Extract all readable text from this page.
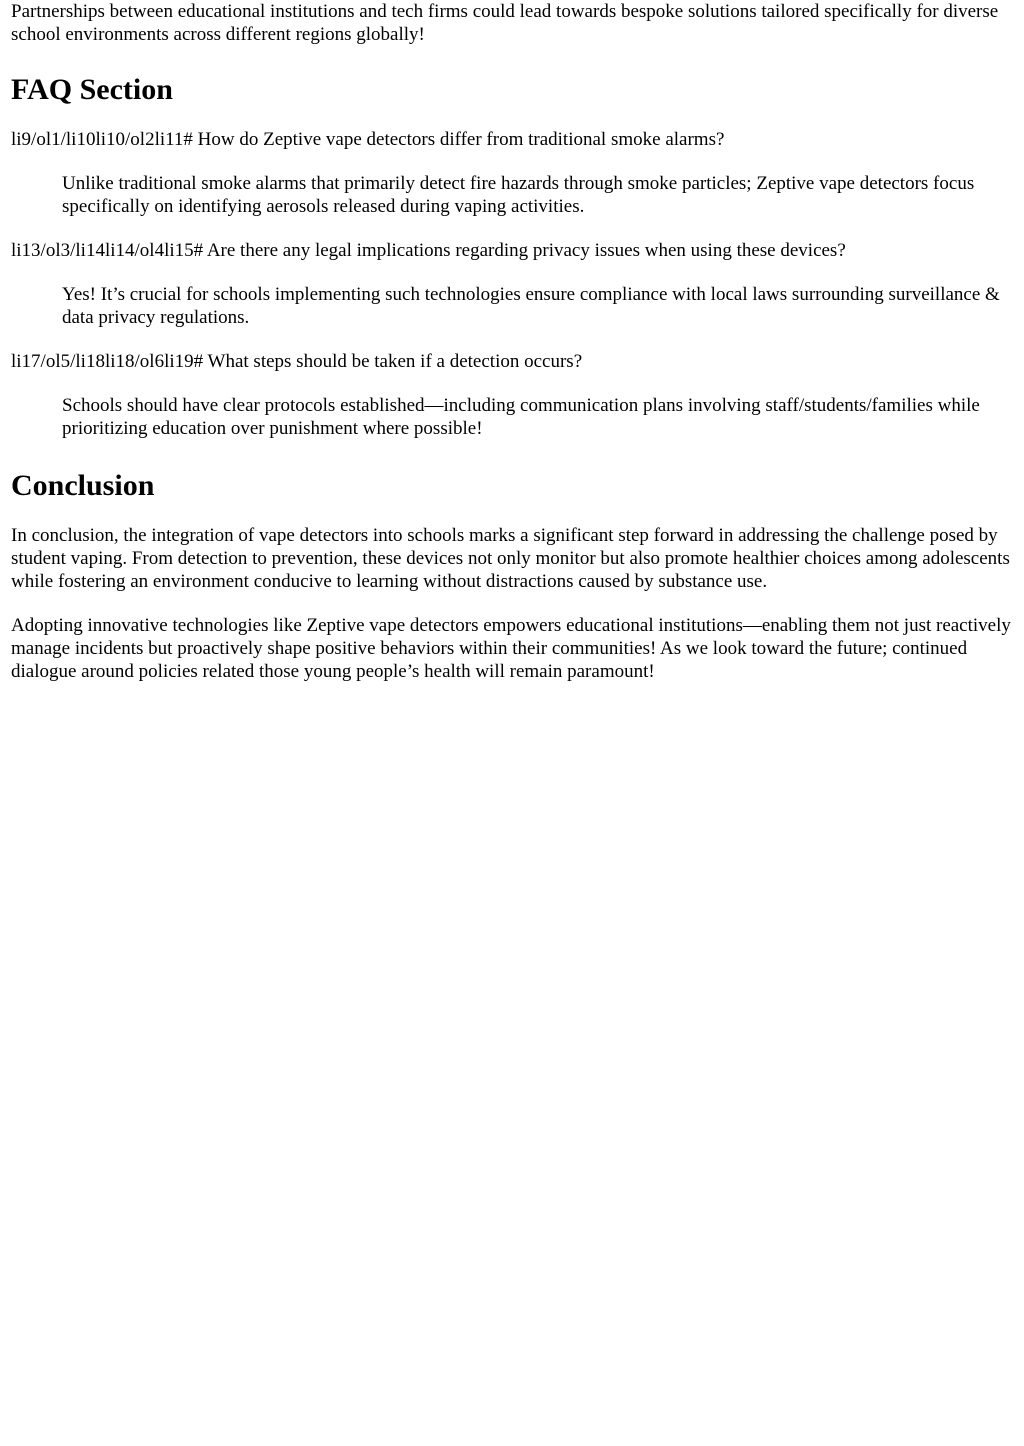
Partnerships between educational institutions and tech firms could lead towards bespoke solutions tailored specifically for diverse school environments across different regions globally!

FAQ Section

li9/ol1/li10li10/ol2li11# How do Zeptive vape detectors differ from traditional smoke alarms?

Unlike traditional smoke alarms that primarily detect fire hazards through smoke particles; Zeptive vape detectors focus specifically on identifying aerosols released during vaping activities.

li13/ol3/li14li14/ol4li15# Are there any legal implications regarding privacy issues when using these devices?

Yes! It’s crucial for schools implementing such technologies ensure compliance with local laws surrounding surveillance & data privacy regulations.

li17/ol5/li18li18/ol6li19# What steps should be taken if a detection occurs?

Schools should have clear protocols established—including communication plans involving staff/students/families while prioritizing education over punishment where possible!
Conclusion

In conclusion, the integration of vape detectors into schools marks a significant step forward in addressing the challenge posed by student vaping. From detection to prevention, these devices not only monitor but also promote healthier choices among adolescents while fostering an environment conducive to learning without distractions caused by substance use.

Adopting innovative technologies like Zeptive vape detectors empowers educational institutions—enabling them not just reactively manage incidents but proactively shape positive behaviors within their communities! As we look toward the future; continued dialogue around policies related those young people’s health will remain paramount!
